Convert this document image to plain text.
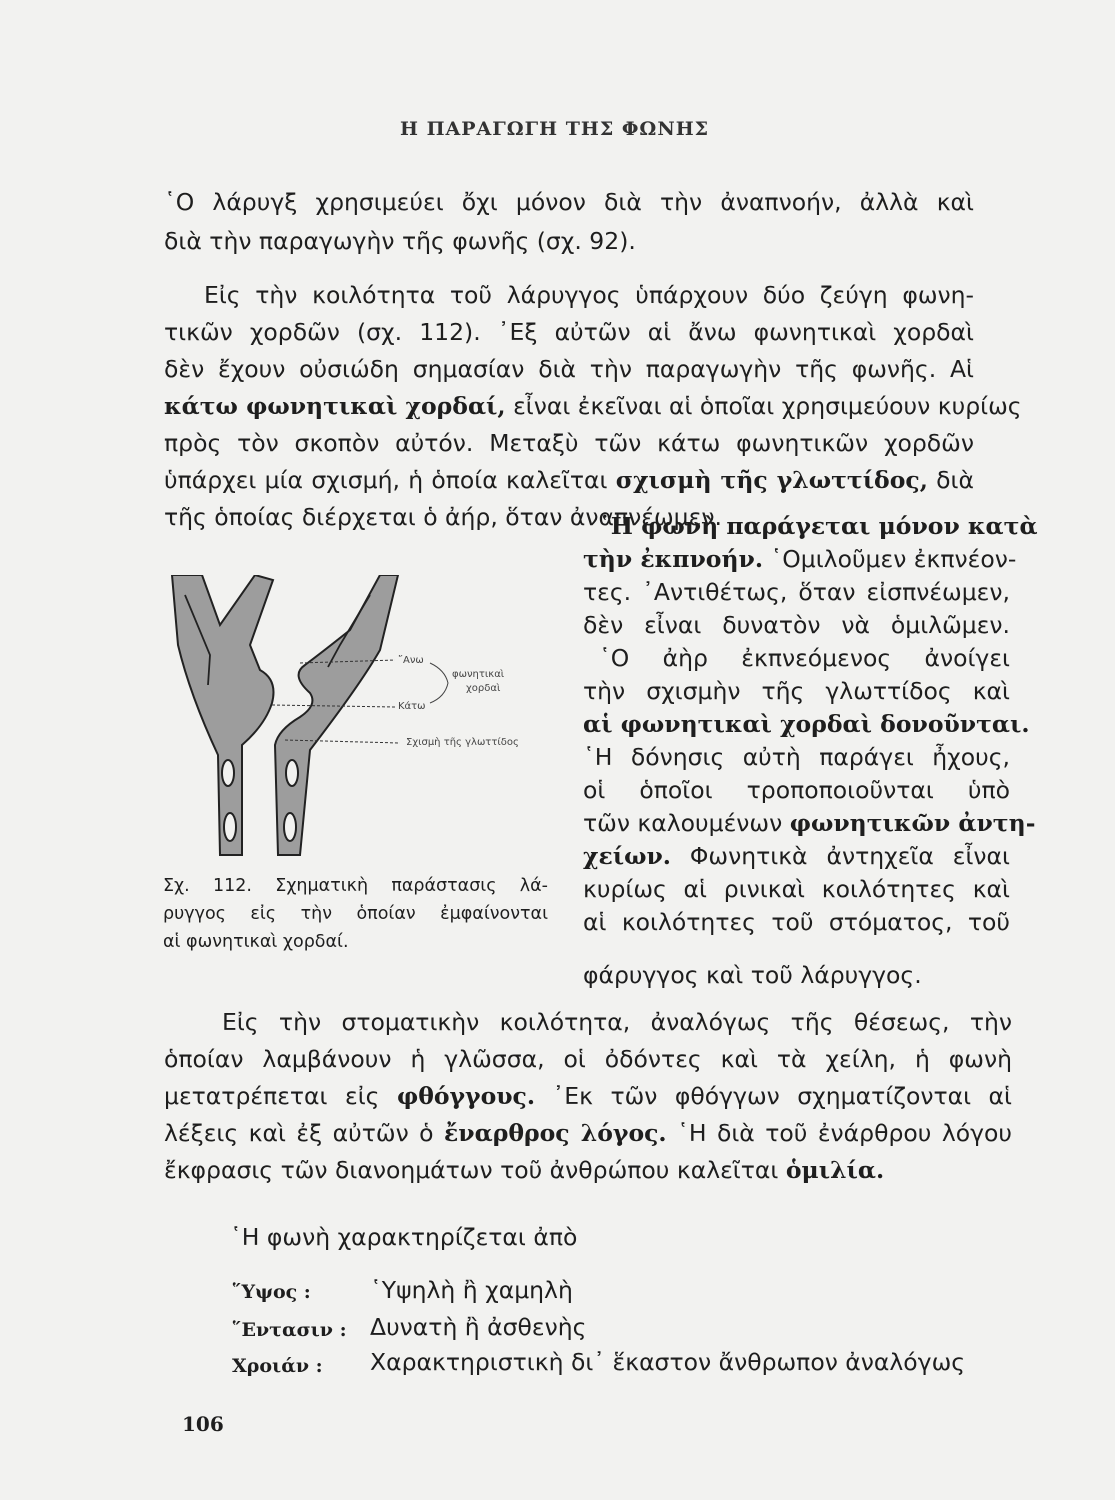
Η ΠΑΡΑΓΩΓΗ ΤΗΣ ΦΩΝΗΣ
῾Ο λάρυγξ χρησιμεύει ὄχι μόνον διὰ τὴν ἀναπνοήν, ἀλλὰ καὶ
διὰ τὴν παραγωγὴν τῆς φωνῆς (σχ. 92).
Εἰς τὴν κοιλότητα τοῦ λάρυγγος ὑπάρχουν δύο ζεύγη φωνη-
τικῶν χορδῶν (σχ. 112). ᾿Εξ αὐτῶν αἱ ἄνω φωνητικαὶ χορδαὶ
δὲν ἔχουν οὐσιώδη σημασίαν διὰ τὴν παραγωγὴν τῆς φωνῆς. Αἱ
κάτω φωνητικαὶ χορδαί, εἶναι ἐκεῖναι αἱ ὁποῖαι χρησιμεύουν κυρίως
πρὸς τὸν σκοπὸν αὐτόν. Μεταξὺ τῶν κάτω φωνητικῶν χορδῶν
ὑπάρχει μία σχισμή, ἡ ὁποία καλεῖται σχισμὴ τῆς γλωττίδος, διὰ
τῆς ὁποίας διέρχεται ὁ ἀήρ, ὅταν ἀναπνέωμεν.
῾Η φωνὴ παράγεται μόνον κατὰ
τὴν ἐκπνοήν. ῾Ομιλοῦμεν ἐκπνέον-
τες. ᾿Αντιθέτως, ὅταν εἰσπνέωμεν,
δὲν εἶναι δυνατὸν νὰ ὁμιλῶμεν.
῾Ο ἀὴρ ἐκπνεόμενος ἀνοίγει
τὴν σχισμὴν τῆς γλωττίδος καὶ
αἱ φωνητικαὶ χορδαὶ δονοῦνται.
῾Η δόνησις αὐτὴ παράγει ἦχους,
οἱ ὁποῖοι τροποποιοῦνται ὑπὸ
τῶν καλουμένων φωνητικῶν ἀντη-
χείων. Φωνητικὰ ἀντηχεῖα εἶναι
κυρίως αἱ ρινικαὶ κοιλότητες καὶ
αἱ κοιλότητες τοῦ στόματος, τοῦ
φάρυγγος καὶ τοῦ λάρυγγος.
῎Ανω
Κάτω
φωνητικαὶ
χορδαὶ
Σχισμὴ τῆς γλωττίδος
Σχ. 112. Σχηματικὴ παράστασις λά-
ρυγγος εἰς τὴν ὁποίαν ἐμφαίνονται
αἱ φωνητικαὶ χορδαί.
Εἰς τὴν στοματικὴν κοιλότητα, ἀναλόγως τῆς θέσεως, τὴν
ὁποίαν λαμβάνουν ἡ γλῶσσα, οἱ ὀδόντες καὶ τὰ χείλη, ἡ φωνὴ
μετατρέπεται εἰς φθόγγους. ᾿Εκ τῶν φθόγγων σχηματίζονται αἱ
λέξεις καὶ ἐξ αὐτῶν ὁ ἔναρθρος λόγος. ῾Η διὰ τοῦ ἐνάρθρου λόγου
ἔκφρασις τῶν διανοημάτων τοῦ ἀνθρώπου καλεῖται ὁμιλία.
῾Η φωνὴ χαρακτηρίζεται ἀπὸ
῞Υψος :	῾Υψηλὴ ἢ χαμηλὴ
῞Εντασιν : Δυνατὴ ἢ ἀσθενὴς
Χροιάν : Χαρακτηριστικὴ δι᾿ ἕκαστον ἄνθρωπον ἀναλόγως
106
